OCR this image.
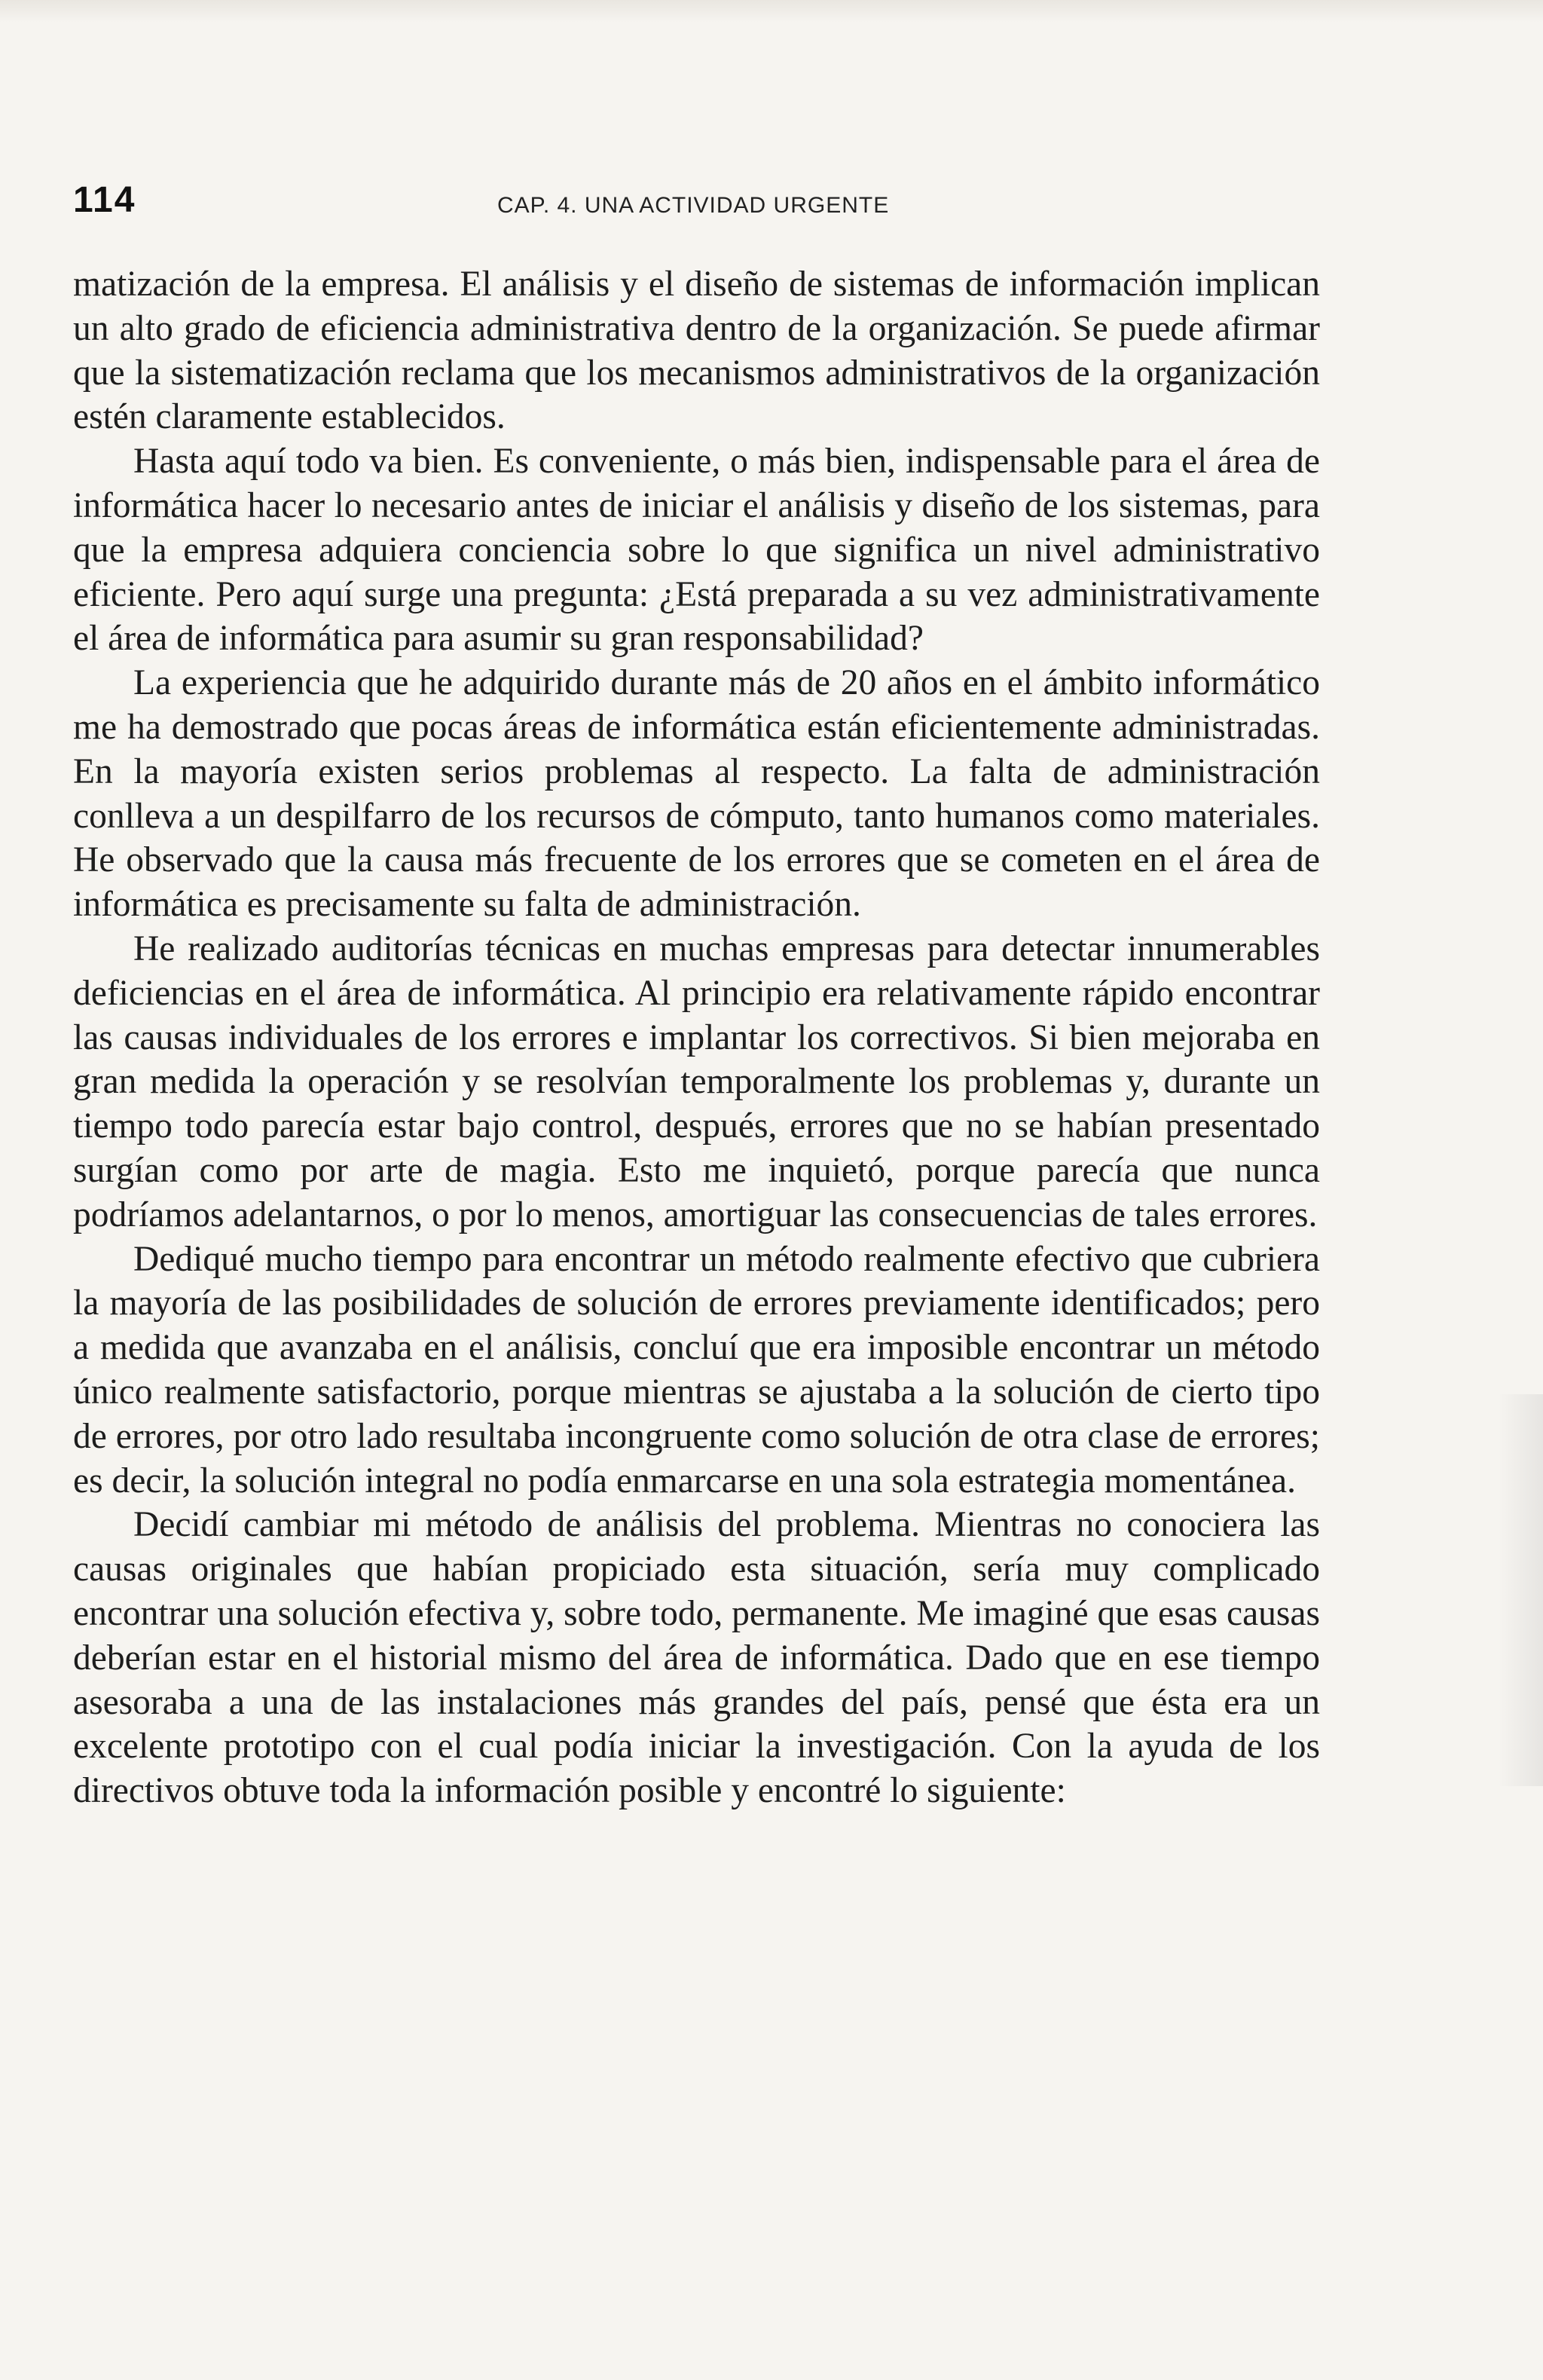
114	CAP. 4. UNA ACTIVIDAD URGENTE

matización de la empresa. El análisis y el diseño de sistemas de información implican un alto grado de eficiencia administrativa dentro de la organización. Se puede afirmar que la sistematización reclama que los mecanismos administrativos de la organización estén claramente establecidos.

Hasta aquí todo va bien. Es conveniente, o más bien, indispensable para el área de informática hacer lo necesario antes de iniciar el análisis y diseño de los sistemas, para que la empresa adquiera conciencia sobre lo que significa un nivel administrativo eficiente. Pero aquí surge una pregunta: ¿Está preparada a su vez administrativamente el área de informática para asumir su gran responsabilidad?

La experiencia que he adquirido durante más de 20 años en el ámbito informático me ha demostrado que pocas áreas de informática están eficientemente administradas. En la mayoría existen serios problemas al respecto. La falta de administración conlleva a un despilfarro de los recursos de cómputo, tanto humanos como materiales. He observado que la causa más frecuente de los errores que se cometen en el área de informática es precisamente su falta de administración.

He realizado auditorías técnicas en muchas empresas para detectar innumerables deficiencias en el área de informática. Al principio era relativamente rápido encontrar las causas individuales de los errores e implantar los correctivos. Si bien mejoraba en gran medida la operación y se resolvían temporalmente los problemas y, durante un tiempo todo parecía estar bajo control, después, errores que no se habían presentado surgían como por arte de magia. Esto me inquietó, porque parecía que nunca podríamos adelantarnos, o por lo menos, amortiguar las consecuencias de tales errores.

Dediqué mucho tiempo para encontrar un método realmente efectivo que cubriera la mayoría de las posibilidades de solución de errores previamente identificados; pero a medida que avanzaba en el análisis, concluí que era imposible encontrar un método único realmente satisfactorio, porque mientras se ajustaba a la solución de cierto tipo de errores, por otro lado resultaba incongruente como solución de otra clase de errores; es decir, la solución integral no podía enmarcarse en una sola estrategia momentánea.

Decidí cambiar mi método de análisis del problema. Mientras no conociera las causas originales que habían propiciado esta situación, sería muy complicado encontrar una solución efectiva y, sobre todo, permanente. Me imaginé que esas causas deberían estar en el historial mismo del área de informática. Dado que en ese tiempo asesoraba a una de las instalaciones más grandes del país, pensé que ésta era un excelente prototipo con el cual podía iniciar la investigación. Con la ayuda de los directivos obtuve toda la información posible y encontré lo siguiente:
